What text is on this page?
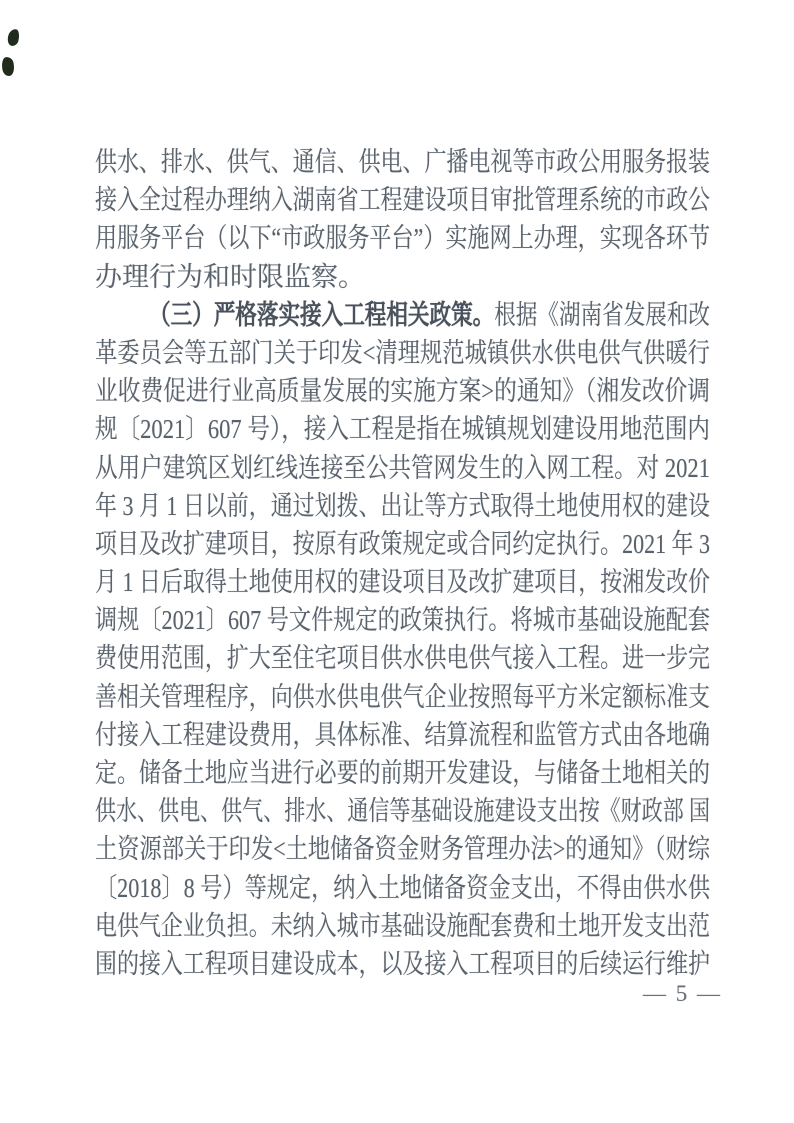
供水、排水、供气、通信、供电、广播电视等市政公用服务报装
接入全过程办理纳入湖南省工程建设项目审批管理系统的市政公
用服务平台（以下“市政服务平台”）实施网上办理，实现各环节
办理行为和时限监察。
（三）严格落实接入工程相关政策。根据《湖南省发展和改
革委员会等五部门关于印发<清理规范城镇供水供电供气供暖行
业收费促进行业高质量发展的实施方案>的通知》（湘发改价调
规〔2021〕607 号），接入工程是指在城镇规划建设用地范围内
从用户建筑区划红线连接至公共管网发生的入网工程。对 2021
年 3 月 1 日以前，通过划拨、出让等方式取得土地使用权的建设
项目及改扩建项目，按原有政策规定或合同约定执行。2021 年 3
月 1 日后取得土地使用权的建设项目及改扩建项目，按湘发改价
调规〔2021〕607 号文件规定的政策执行。将城市基础设施配套
费使用范围，扩大至住宅项目供水供电供气接入工程。进一步完
善相关管理程序，向供水供电供气企业按照每平方米定额标准支
付接入工程建设费用，具体标准、结算流程和监管方式由各地确
定。储备土地应当进行必要的前期开发建设，与储备土地相关的
供水、供电、供气、排水、通信等基础设施建设支出按《财政部 国
土资源部关于印发<土地储备资金财务管理办法>的通知》（财综
〔2018〕8 号）等规定，纳入土地储备资金支出，不得由供水供
电供气企业负担。未纳入城市基础设施配套费和土地开发支出范
围的接入工程项目建设成本，以及接入工程项目的后续运行维护
— 5 —
